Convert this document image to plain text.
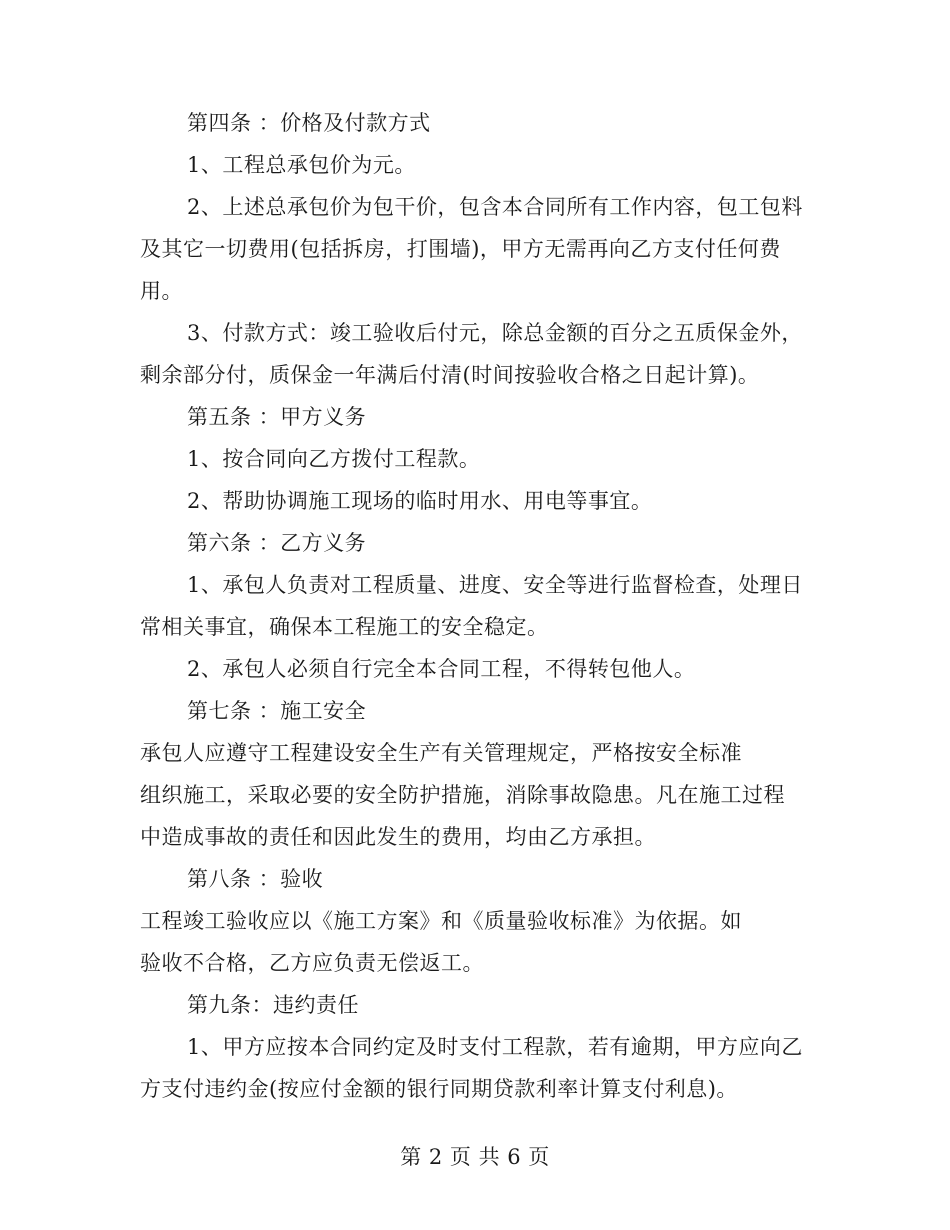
第四条 ：价格及付款方式
1、工程总承包价为元。
2、上述总承包价为包干价，包含本合同所有工作内容，包工包料
及其它一切费用(包括拆房，打围墙)，甲方无需再向乙方支付任何费
用。
3、付款方式：竣工验收后付元，除总金额的百分之五质保金外，
剩余部分付，质保金一年满后付清(时间按验收合格之日起计算)。
第五条 ：甲方义务
1、按合同向乙方拨付工程款。
2、帮助协调施工现场的临时用水、用电等事宜。
第六条 ：乙方义务
1、承包人负责对工程质量、进度、安全等进行监督检查，处理日
常相关事宜，确保本工程施工的安全稳定。
2、承包人必须自行完全本合同工程，不得转包他人。
第七条 ：施工安全
承包人应遵守工程建设安全生产有关管理规定，严格按安全标准
组织施工，采取必要的安全防护措施，消除事故隐患。凡在施工过程
中造成事故的责任和因此发生的费用，均由乙方承担。
第八条 ：验收
工程竣工验收应以《施工方案》和《质量验收标准》为依据。如
验收不合格，乙方应负责无偿返工。
第九条：违约责任
1、甲方应按本合同约定及时支付工程款，若有逾期，甲方应向乙
方支付违约金(按应付金额的银行同期贷款利率计算支付利息)。
第 2 页 共 6 页
